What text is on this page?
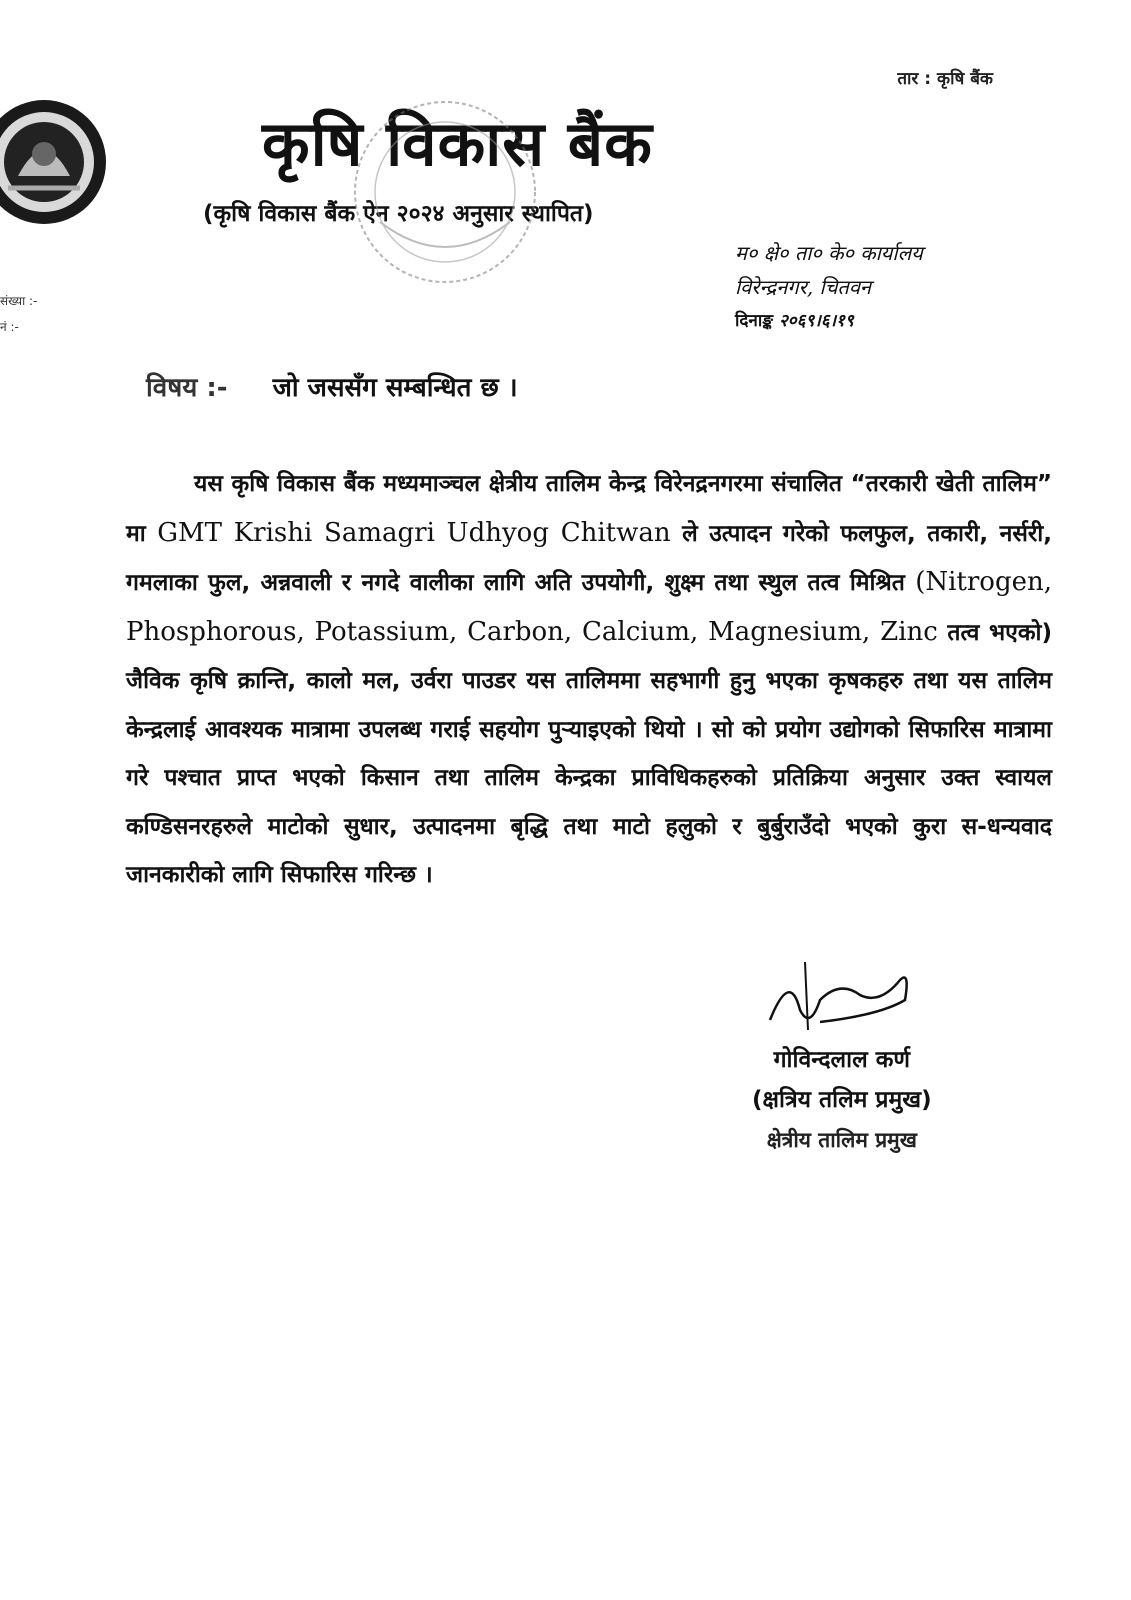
तार : कृषि बैंक
कृषि विकास बैंक
(कृषि विकास बैंक ऐन २०२४ अनुसार स्थापित)
संख्या :-
नं :-
म० क्षे० ता० के० कार्यालय
विरेन्द्रनगर, चितवन
दिनाङ्क २०६९।६।१९
विषय :- जो जससँग सम्बन्धित छ ।

यस कृषि विकास बैंक मध्यमाञ्चल क्षेत्रीय तालिम केन्द्र विरेनद्रनगरमा संचालित “तरकारी खेती तालिम” मा GMT Krishi Samagri Udhyog Chitwan ले उत्पादन गरेको फलफुल, तकारी, नर्सरी, गमलाका फुल, अन्नवाली र नगदे वालीका लागि अति उपयोगी, शुक्ष्म तथा स्थुल तत्व मिश्रित (Nitrogen, Phosphorous, Potassium, Carbon, Calcium, Magnesium, Zinc तत्व भएको) जैविक कृषि क्रान्ति, कालो मल, उर्वरा पाउडर यस तालिममा सहभागी हुनु भएका कृषकहरु तथा यस तालिम केन्द्रलाई आवश्यक मात्रामा उपलब्ध गराई सहयोग पुर्‍याइएको थियो । सो को प्रयोग उद्योगको सिफारिस मात्रामा गरे पश्चात प्राप्त भएको किसान तथा तालिम केन्द्रका प्राविधिकहरुको प्रतिक्रिया अनुसार उक्त स्वायल कण्डिसनरहरुले माटोको सुधार, उत्पादनमा बृद्धि तथा माटो हलुको र बुर्बुराउँदो भएको कुरा स-धन्यवाद जानकारीको लागि सिफारिस गरिन्छ ।

गोविन्दलाल कर्ण
(क्षत्रिय तलिम प्रमुख)
क्षेत्रीय तालिम प्रमुख
